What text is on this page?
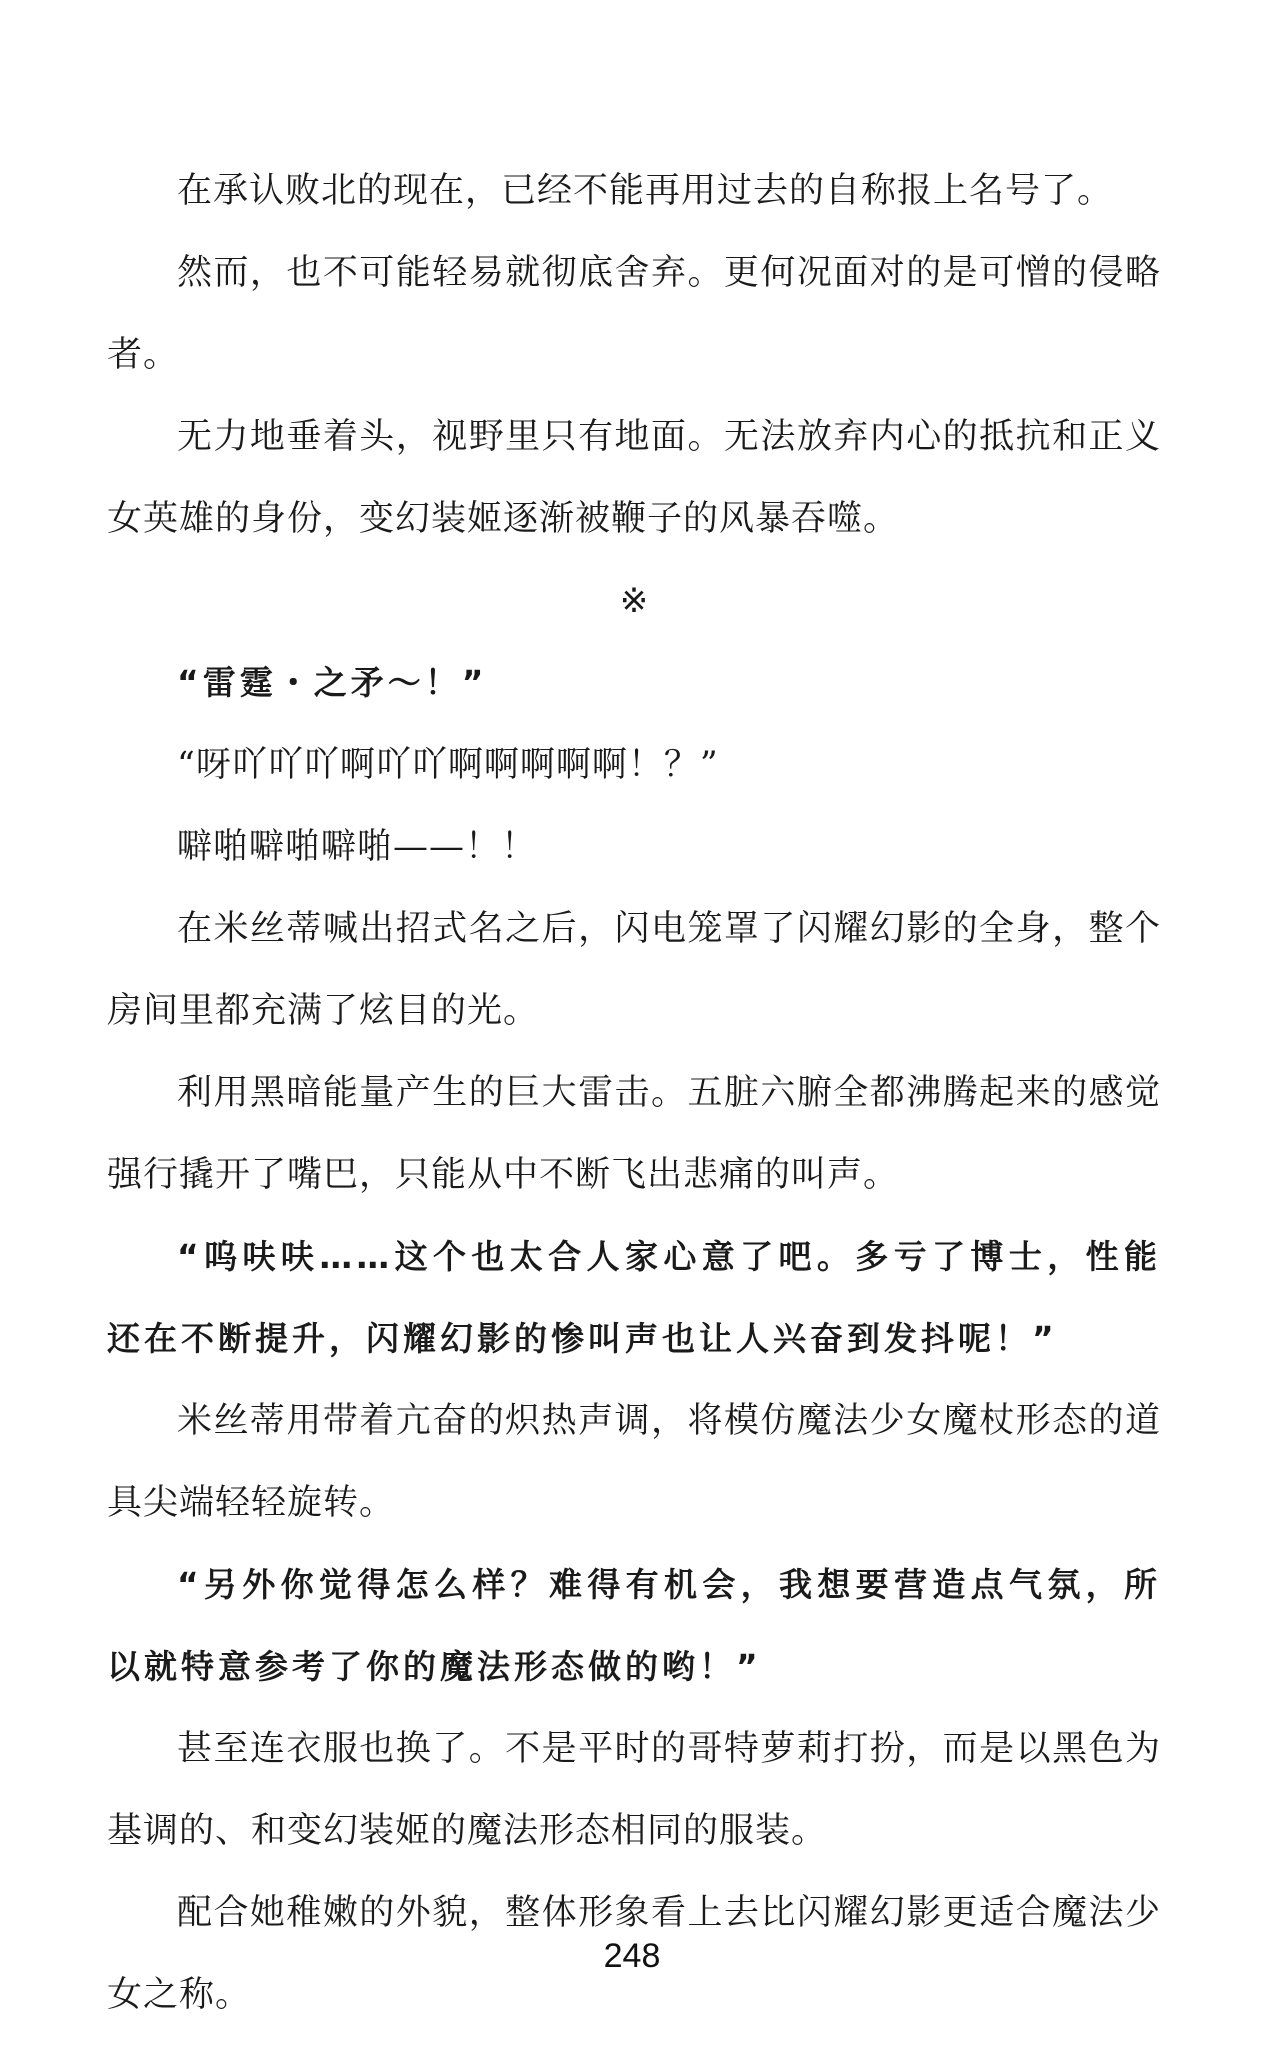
在承认败北的现在，已经不能再用过去的自称报上名号了。

然而，也不可能轻易就彻底舍弃。更何况面对的是可憎的侵略者。

无力地垂着头，视野里只有地面。无法放弃内心的抵抗和正义女英雄的身份，变幻装姬逐渐被鞭子的风暴吞噬。

※

“雷霆・之矛～！”

“呀吖吖吖啊吖吖啊啊啊啊啊！？”

噼啪噼啪噼啪——！！

在米丝蒂喊出招式名之后，闪电笼罩了闪耀幻影的全身，整个房间里都充满了炫目的光。

利用黑暗能量产生的巨大雷击。五脏六腑全都沸腾起来的感觉强行撬开了嘴巴，只能从中不断飞出悲痛的叫声。

“呜呋呋……这个也太合人家心意了吧。多亏了博士，性能还在不断提升，闪耀幻影的惨叫声也让人兴奋到发抖呢！”

米丝蒂用带着亢奋的炽热声调，将模仿魔法少女魔杖形态的道具尖端轻轻旋转。

“另外你觉得怎么样？难得有机会，我想要营造点气氛，所以就特意参考了你的魔法形态做的哟！”

甚至连衣服也换了。不是平时的哥特萝莉打扮，而是以黑色为基调的、和变幻装姬的魔法形态相同的服装。

配合她稚嫩的外貌，整体形象看上去比闪耀幻影更适合魔法少女之称。

248
